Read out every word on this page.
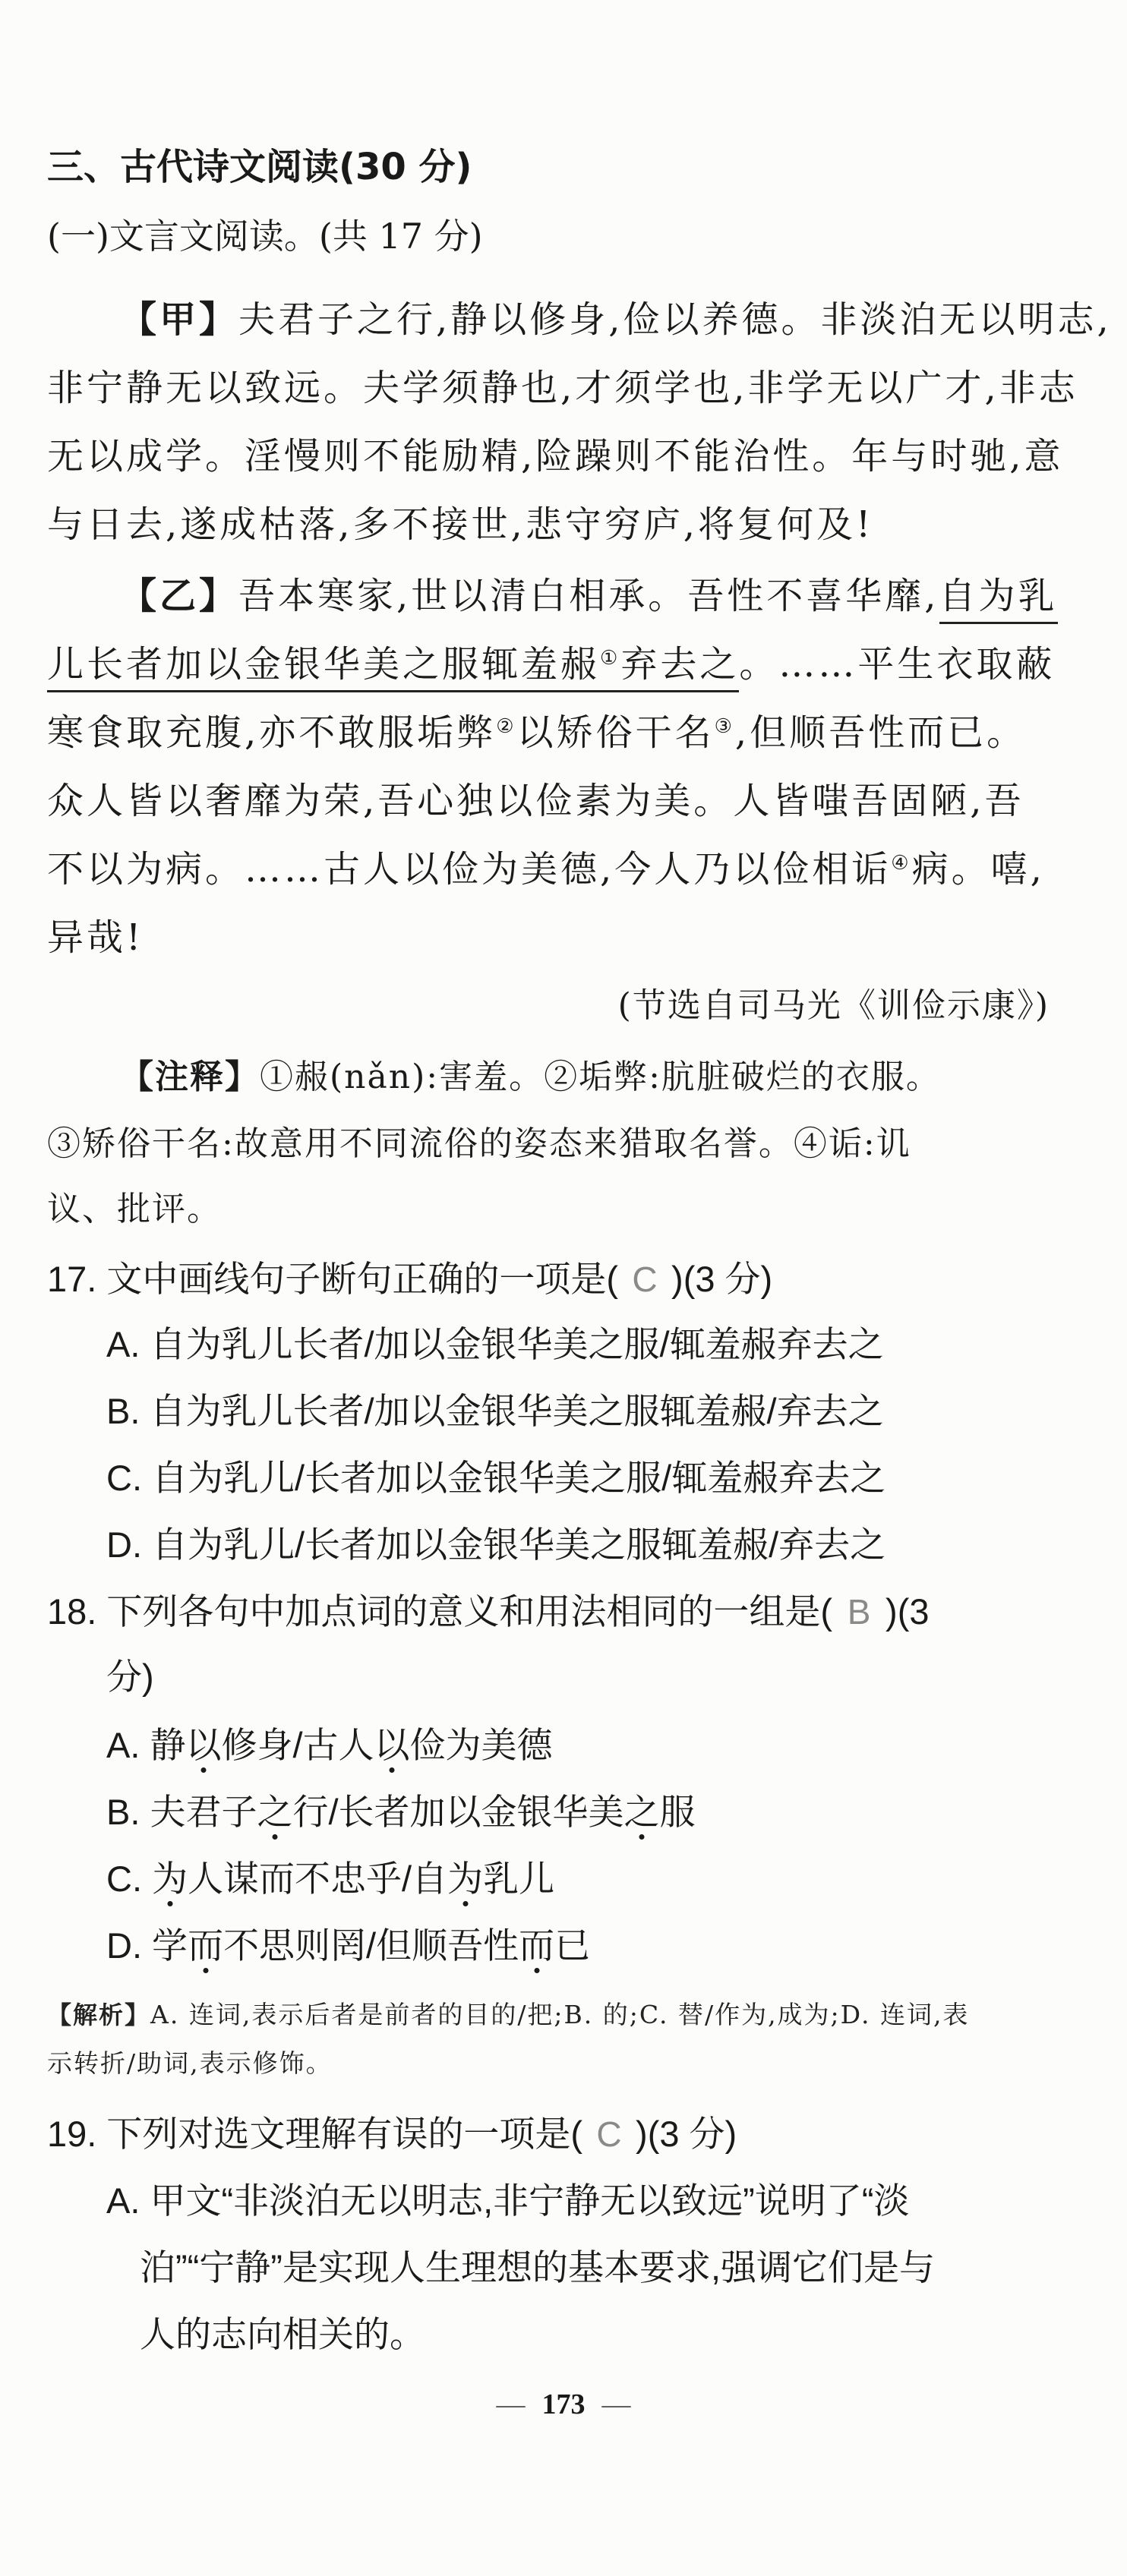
三、古代诗文阅读(30 分)
(一)文言文阅读。(共 17 分)
【甲】夫君子之行,静以修身,俭以养德。非淡泊无以明志,
非宁静无以致远。夫学须静也,才须学也,非学无以广才,非志
无以成学。淫慢则不能励精,险躁则不能治性。年与时驰,意
与日去,遂成枯落,多不接世,悲守穷庐,将复何及!
【乙】吾本寒家,世以清白相承。吾性不喜华靡,自为乳
儿长者加以金银华美之服辄羞赧①弃去之。……平生衣取蔽
寒食取充腹,亦不敢服垢弊②以矫俗干名③,但顺吾性而已。
众人皆以奢靡为荣,吾心独以俭素为美。人皆嗤吾固陋,吾
不以为病。……古人以俭为美德,今人乃以俭相诟④病。嘻,
异哉!
(节选自司马光《训俭示康》)
【注释】①赧(nǎn):害羞。②垢弊:肮脏破烂的衣服。
③矫俗干名:故意用不同流俗的姿态来猎取名誉。④诟:讥
议、批评。
17. 文中画线句子断句正确的一项是( C )(3 分)
A. 自为乳儿长者/加以金银华美之服/辄羞赧弃去之
B. 自为乳儿长者/加以金银华美之服辄羞赧/弃去之
C. 自为乳儿/长者加以金银华美之服/辄羞赧弃去之
D. 自为乳儿/长者加以金银华美之服辄羞赧/弃去之
18. 下列各句中加点词的意义和用法相同的一组是( B )(3
分)
A. 静以修身/古人以俭为美德
B. 夫君子之行/长者加以金银华美之服
C. 为人谋而不忠乎/自为乳儿
D. 学而不思则罔/但顺吾性而已
【解析】A. 连词,表示后者是前者的目的/把;B. 的;C. 替/作为,成为;D. 连词,表
示转折/助词,表示修饰。
19. 下列对选文理解有误的一项是( C )(3 分)
A. 甲文“非淡泊无以明志,非宁静无以致远”说明了“淡
泊”“宁静”是实现人生理想的基本要求,强调它们是与
人的志向相关的。
— 173 —
